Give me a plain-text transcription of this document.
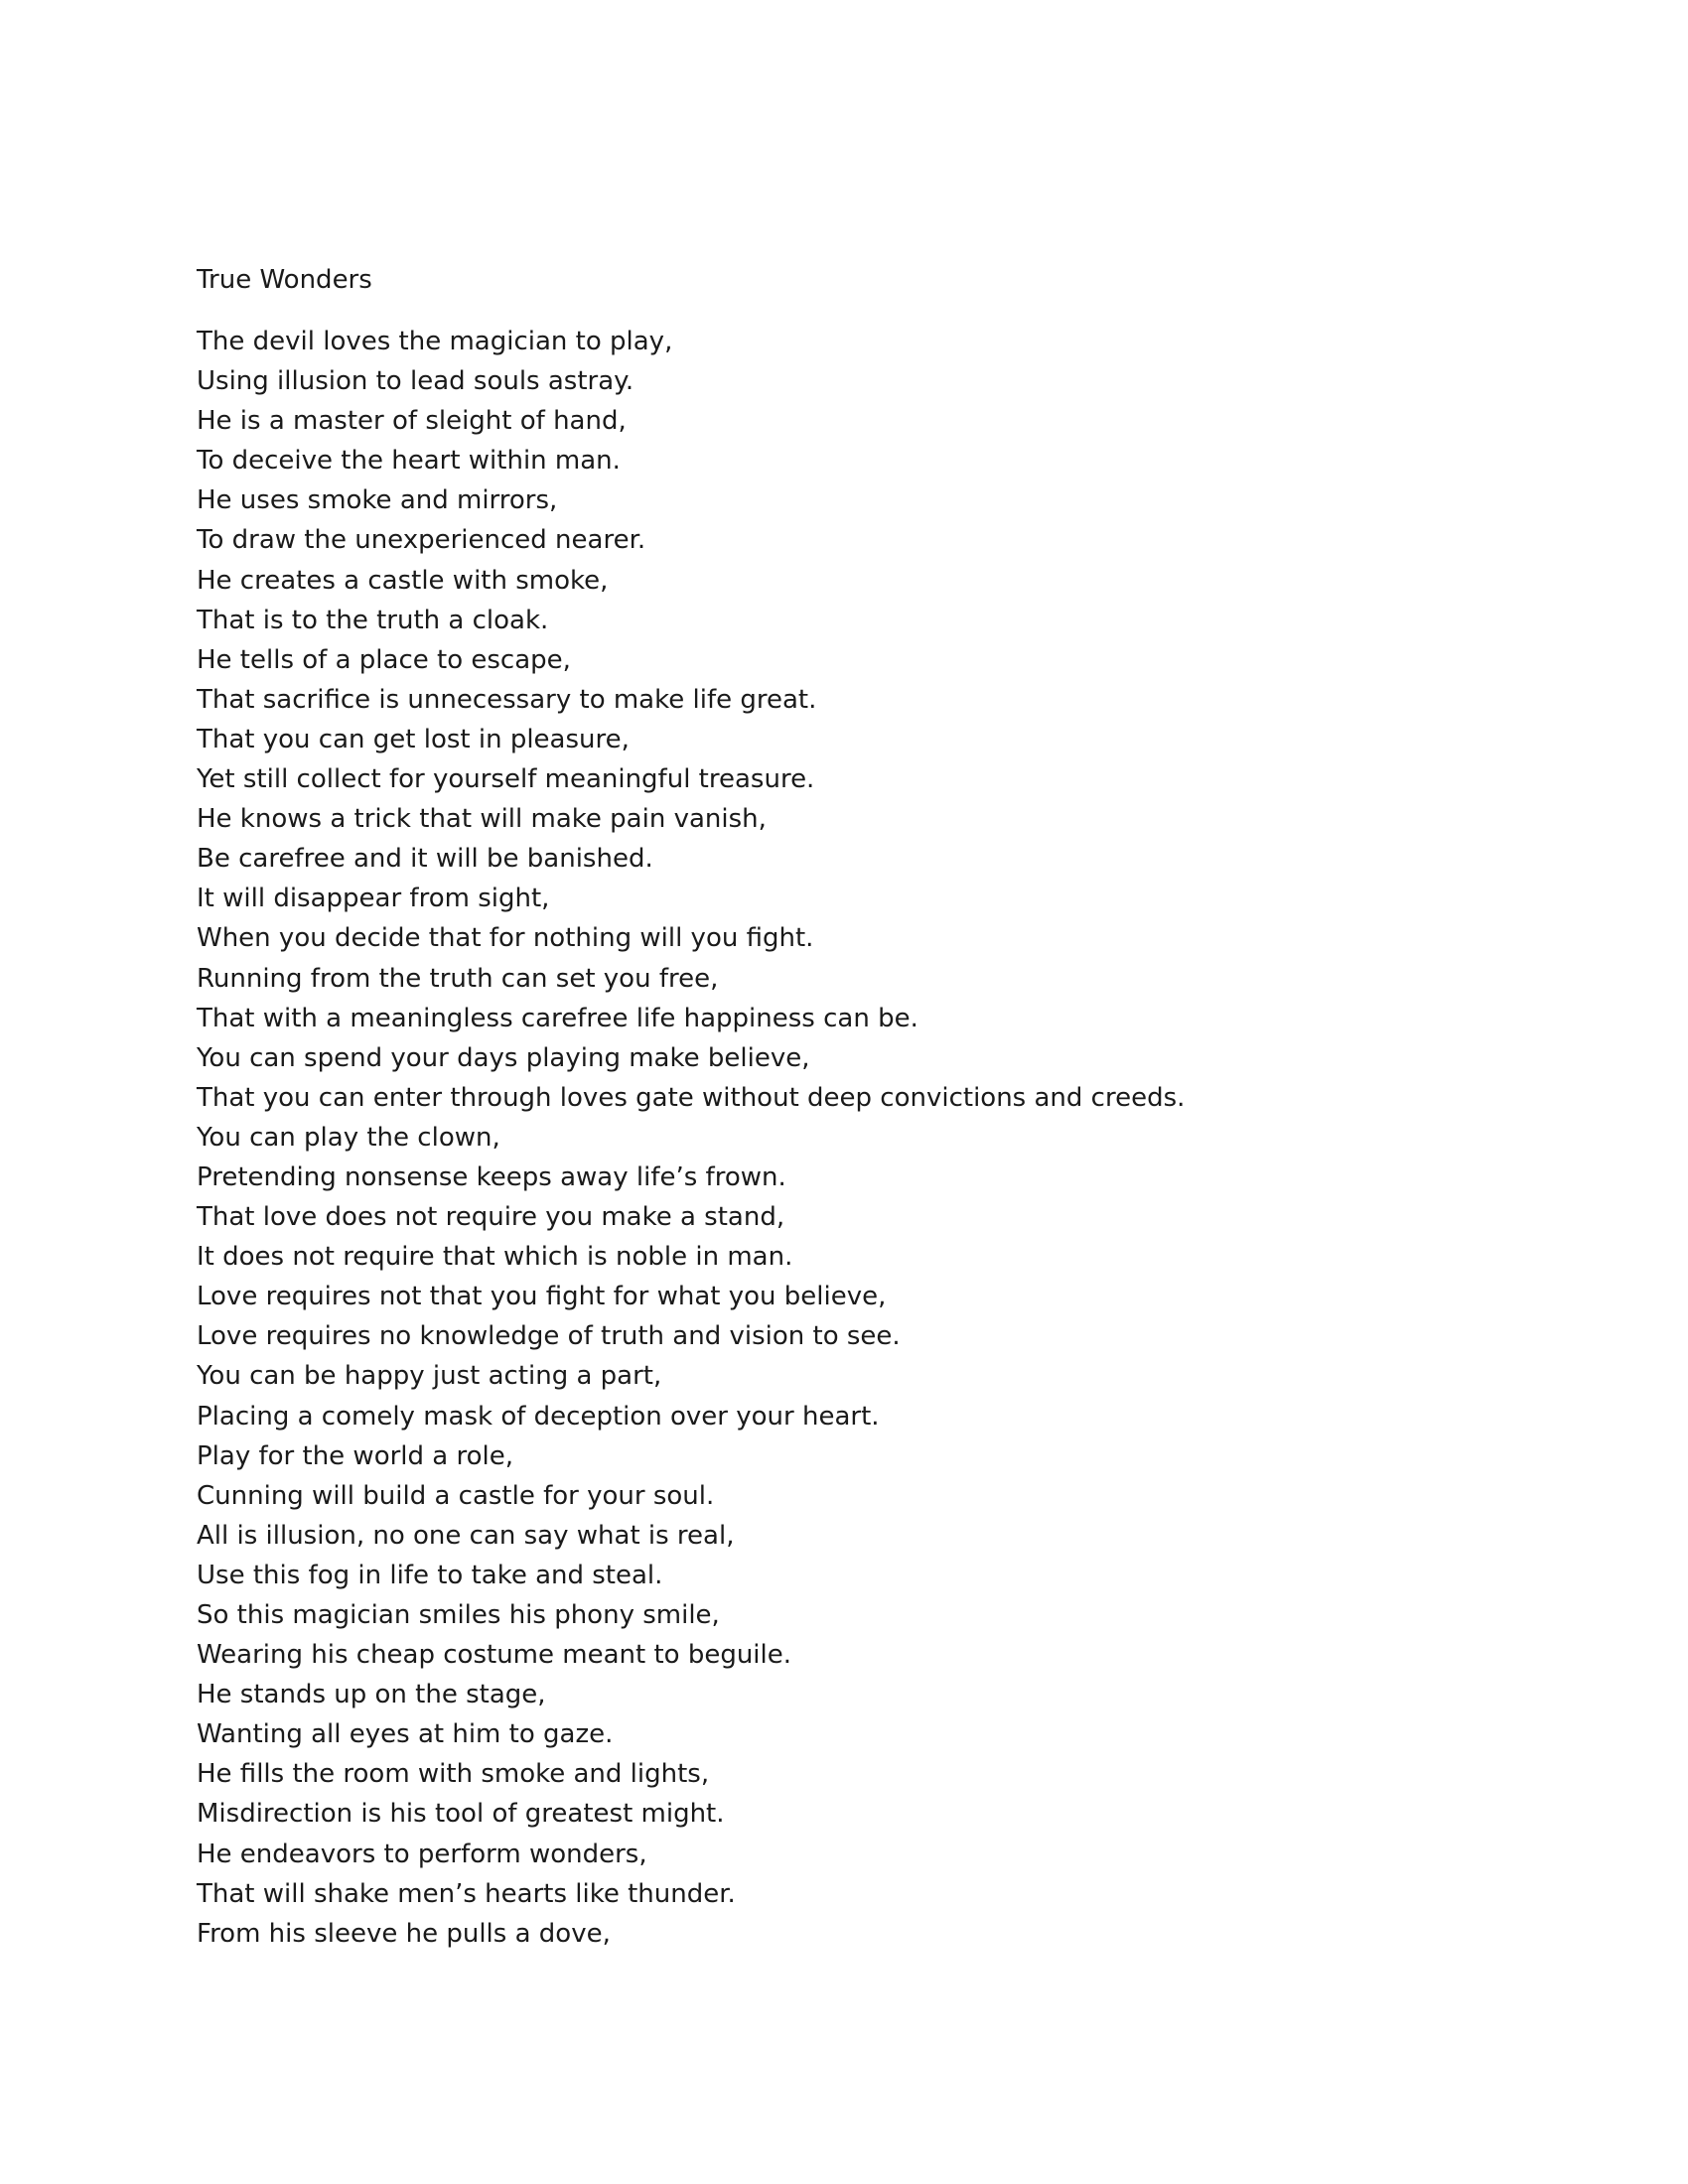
True Wonders
The devil loves the magician to play,
Using illusion to lead souls astray.
He is a master of sleight of hand,
To deceive the heart within man.
He uses smoke and mirrors,
To draw the unexperienced nearer.
He creates a castle with smoke,
That is to the truth a cloak.
He tells of a place to escape,
That sacrifice is unnecessary to make life great.
That you can get lost in pleasure,
Yet still collect for yourself meaningful treasure.
He knows a trick that will make pain vanish,
Be carefree and it will be banished.
It will disappear from sight,
When you decide that for nothing will you fight.
Running from the truth can set you free,
That with a meaningless carefree life happiness can be.
You can spend your days playing make believe,
That you can enter through loves gate without deep convictions and creeds.
You can play the clown,
Pretending nonsense keeps away life’s frown.
That love does not require you make a stand,
It does not require that which is noble in man.
Love requires not that you fight for what you believe,
Love requires no knowledge of truth and vision to see.
You can be happy just acting a part,
Placing a comely mask of deception over your heart.
Play for the world a role,
Cunning will build a castle for your soul.
All is illusion, no one can say what is real,
Use this fog in life to take and steal.
So this magician smiles his phony smile,
Wearing his cheap costume meant to beguile.
He stands up on the stage,
Wanting all eyes at him to gaze.
He fills the room with smoke and lights,
Misdirection is his tool of greatest might.
He endeavors to perform wonders,
That will shake men’s hearts like thunder.
From his sleeve he pulls a dove,
